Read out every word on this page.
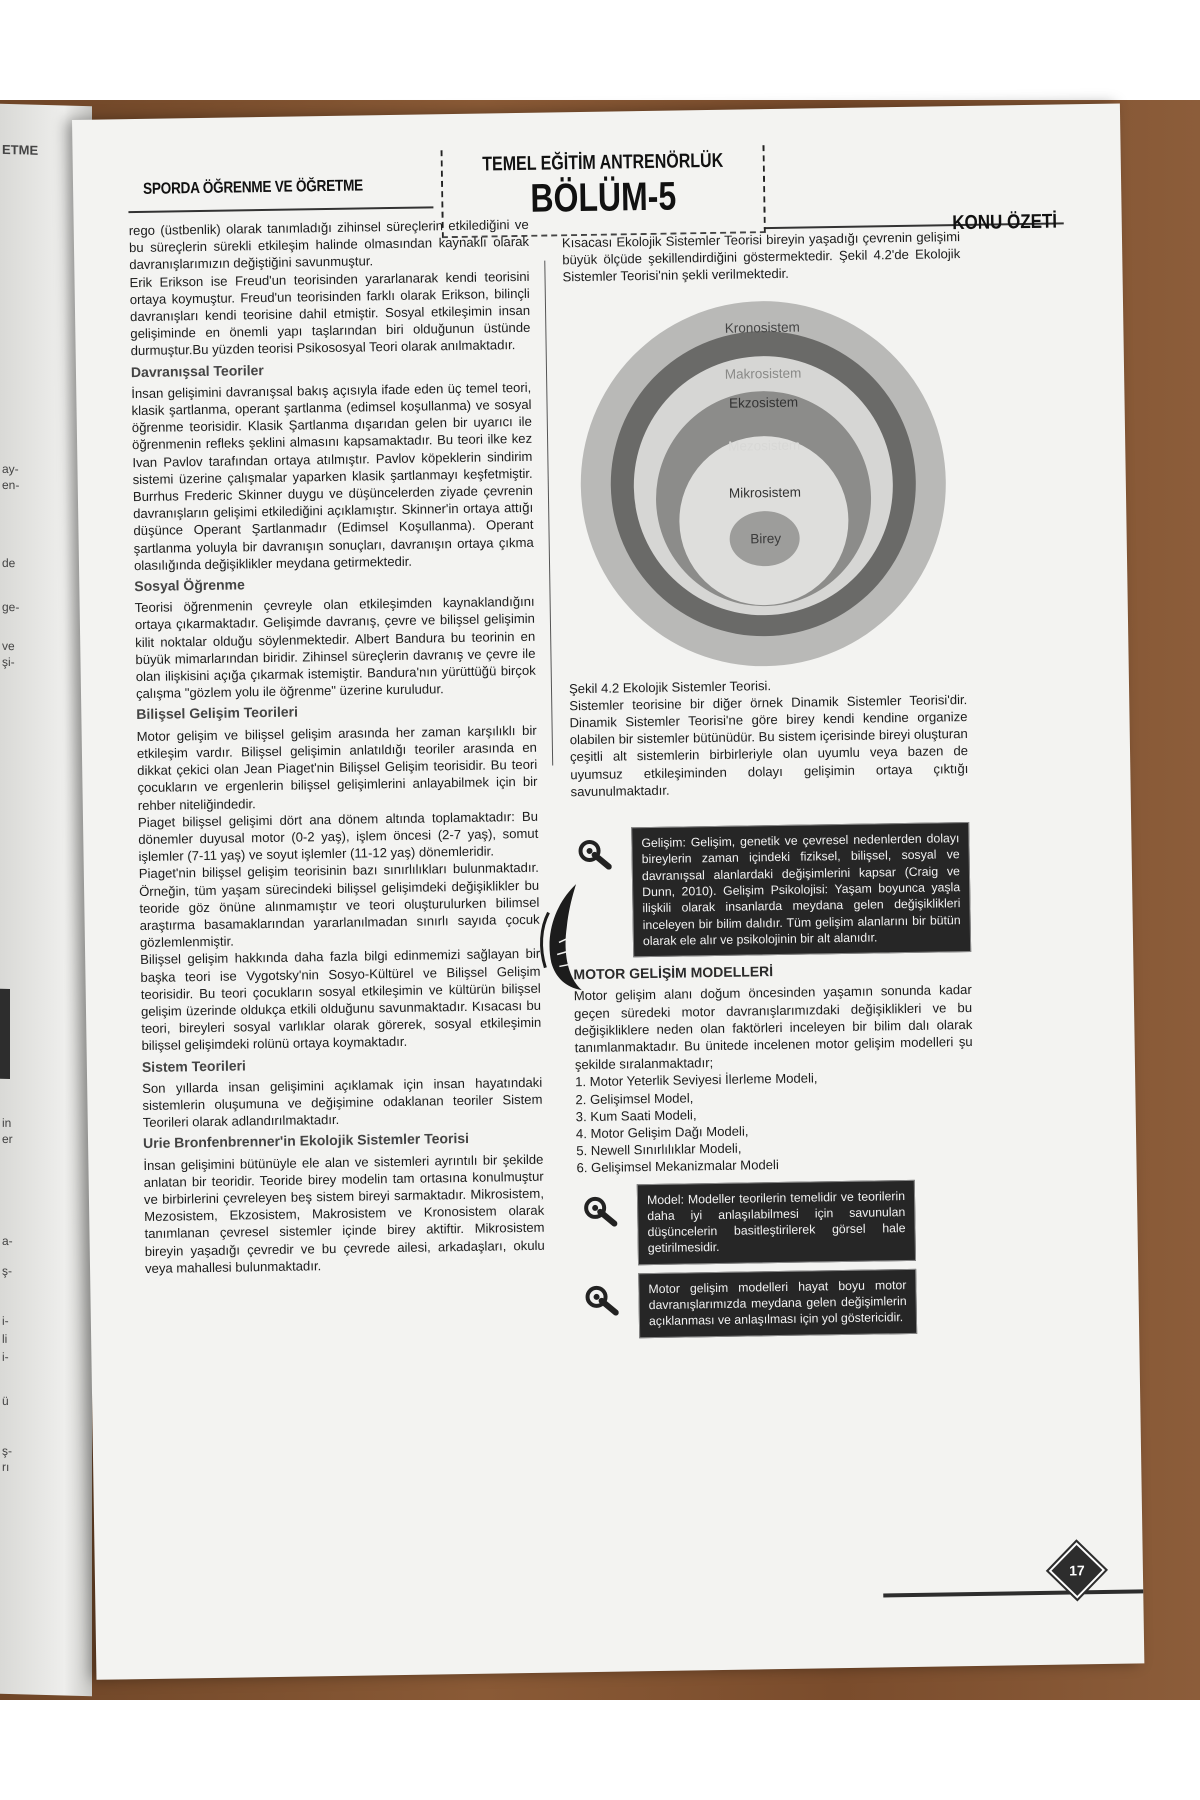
ETME
ay-
en-
de
ge-
ve
şi-
in
er
a-
ş-
i-
li
i-
ü
ş-
rı
SPORDA ÖĞRENME VE ÖĞRETME
TEMEL EĞİTİM ANTRENÖRLÜK
BÖLÜM-5
KONU ÖZETİ

rego (üstbenlik) olarak tanımladığı zihinsel süreçlerin etkilediğini ve bu süreçlerin sürekli etkileşim halinde olmasından kaynaklı olarak davranışlarımızın değiştiğini savunmuştur.

Erik Erikson ise Freud'un teorisinden yararlanarak kendi teorisini ortaya koymuştur. Freud'un teorisinden farklı olarak Erikson, bilinçli davranışları kendi teorisine dahil etmiştir. Sosyal etkileşimin insan gelişiminde en önemli yapı taşlarından biri olduğunun üstünde durmuştur.Bu yüzden teorisi Psikososyal Teori olarak anılmaktadır.

Davranışsal Teoriler

İnsan gelişimini davranışsal bakış açısıyla ifade eden üç temel teori, klasik şartlanma, operant şartlanma (edimsel koşullanma) ve sosyal öğrenme teorisidir. Klasik Şartlanma dışarıdan gelen bir uyarıcı ile öğrenmenin refleks şeklini almasını kapsamaktadır. Bu teori ilke kez Ivan Pavlov tarafından ortaya atılmıştır. Pavlov köpeklerin sindirim sistemi üzerine çalışmalar yaparken klasik şartlanmayı keşfetmiştir. Burrhus Frederic Skinner duygu ve düşüncelerden ziyade çevrenin davranışların gelişimi etkilediğini açıklamıştır. Skinner'in ortaya attığı düşünce Operant Şartlanmadır (Edimsel Koşullanma). Operant şartlanma yoluyla bir davranışın sonuçları, davranışın ortaya çıkma olasılığında değişiklikler meydana getirmektedir.

Sosyal Öğrenme

Teorisi öğrenmenin çevreyle olan etkileşimden kaynaklandığını ortaya çıkarmaktadır. Gelişimde davranış, çevre ve bilişsel gelişimin kilit noktalar olduğu söylenmektedir. Albert Bandura bu teorinin en büyük mimarlarından biridir. Zihinsel süreçlerin davranış ve çevre ile olan ilişkisini açığa çıkarmak istemiştir. Bandura'nın yürüttüğü birçok çalışma "gözlem yolu ile öğrenme" üzerine kuruludur.

Bilişsel Gelişim Teorileri

Motor gelişim ve bilişsel gelişim arasında her zaman karşılıklı bir etkileşim vardır. Bilişsel gelişimin anlatıldığı teoriler arasında en dikkat çekici olan Jean Piaget'nin Bilişsel Gelişim teorisidir. Bu teori çocukların ve ergenlerin bilişsel gelişimlerini anlayabilmek için bir rehber niteliğindedir.

Piaget bilişsel gelişimi dört ana dönem altında toplamaktadır: Bu dönemler duyusal motor (0-2 yaş), işlem öncesi (2-7 yaş), somut işlemler (7-11 yaş) ve soyut işlemler (11-12 yaş) dönemleridir.

Piaget'nin bilişsel gelişim teorisinin bazı sınırlılıkları bulunmaktadır. Örneğin, tüm yaşam sürecindeki bilişsel gelişimdeki değişiklikler bu teoride göz önüne alınmamıştır ve teori oluşturulurken bilimsel araştırma basamaklarından yararlanılmadan sınırlı sayıda çocuk gözlemlenmiştir.

Bilişsel gelişim hakkında daha fazla bilgi edinmemizi sağlayan bir başka teori ise Vygotsky'nin Sosyo-Kültürel ve Bilişsel Gelişim teorisidir. Bu teori çocukların sosyal etkileşimin ve kültürün bilişsel gelişim üzerinde oldukça etkili olduğunu savunmaktadır. Kısacası bu teori, bireyleri sosyal varlıklar olarak görerek, sosyal etkileşimin bilişsel gelişimdeki rolünü ortaya koymaktadır.

Sistem Teorileri

Son yıllarda insan gelişimini açıklamak için insan hayatındaki sistemlerin oluşumuna ve değişimine odaklanan teoriler Sistem Teorileri olarak adlandırılmaktadır.

Urie Bronfenbrenner'in Ekolojik Sistemler Teorisi

İnsan gelişimini bütünüyle ele alan ve sistemleri ayrıntılı bir şekilde anlatan bir teoridir. Teoride birey modelin tam ortasına konulmuştur ve birbirlerini çevreleyen beş sistem bireyi sarmaktadır. Mikrosistem, Mezosistem, Ekzosistem, Makrosistem ve Kronosistem olarak tanımlanan çevresel sistemler içinde birey aktiftir. Mikrosistem bireyin yaşadığı çevredir ve bu çevrede ailesi, arkadaşları, okulu veya mahallesi bulunmaktadır.

Kısacası Ekolojik Sistemler Teorisi bireyin yaşadığı çevrenin gelişimi büyük ölçüde şekillendirdiğini göstermektedir. Şekil 4.2'de Ekolojik Sistemler Teorisi'nin şekli verilmektedir.

Kronosistem
Makrosistem
Ekzosistem
Mezosistem
Mikrosistem
Birey

Şekil 4.2 Ekolojik Sistemler Teorisi.

Sistemler teorisine bir diğer örnek Dinamik Sistemler Teorisi'dir. Dinamik Sistemler Teorisi'ne göre birey kendi kendine organize olabilen bir sistemler bütünüdür. Bu sistem içerisinde bireyi oluşturan çeşitli alt sistemlerin birbirleriyle olan uyumlu veya bazen de uyumsuz etkileşiminden dolayı gelişimin ortaya çıktığı savunulmaktadır.

Gelişim: Gelişim, genetik ve çevresel nedenlerden dolayı bireylerin zaman içindeki fiziksel, bilişsel, sosyal ve davranışsal alanlardaki değişimlerini kapsar (Craig ve Dunn, 2010). Gelişim Psikolojisi: Yaşam boyunca yaşla ilişkili olarak insanlarda meydana gelen değişiklikleri inceleyen bir bilim dalıdır. Tüm gelişim alanlarını bir bütün olarak ele alır ve psikolojinin bir alt alanıdır.
MOTOR GELİŞİM MODELLERİ

Motor gelişim alanı doğum öncesinden yaşamın sonunda kadar geçen süredeki motor davranışlarımızdaki değişiklikleri ve bu değişikliklere neden olan faktörleri inceleyen bir bilim dalı olarak tanımlanmaktadır. Bu ünitede incelenen motor gelişim modelleri şu şekilde sıralanmaktadır;

1. Motor Yeterlik Seviyesi İlerleme Modeli,

2. Gelişimsel Model,

3. Kum Saati Modeli,

4. Motor Gelişim Dağı Modeli,

5. Newell Sınırlılıklar Modeli,

6. Gelişimsel Mekanizmalar Modeli

Model: Modeller teorilerin temelidir ve teorilerin daha iyi anlaşılabilmesi için savunulan düşüncelerin basitleştirilerek görsel hale getirilmesidir.
Motor gelişim modelleri hayat boyu motor davranışlarımızda meydana gelen değişimlerin açıklanması ve anlaşılması için yol göstericidir.
17
